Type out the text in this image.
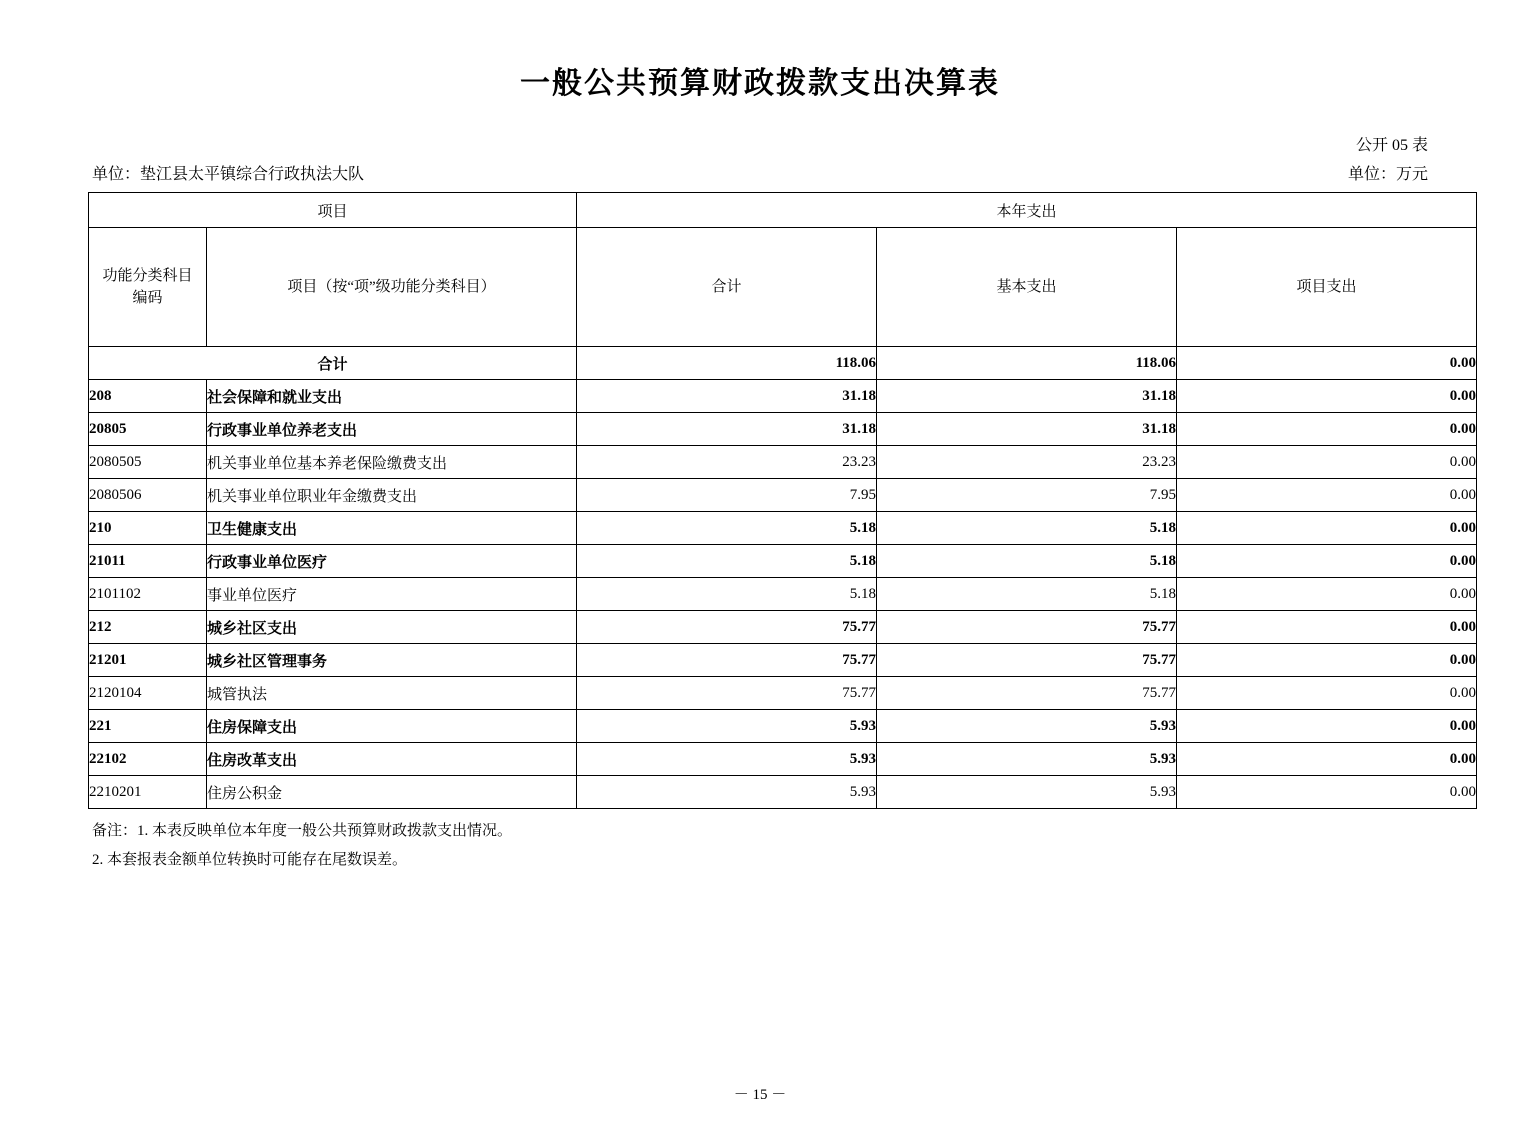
一般公共预算财政拨款支出决算表
公开 05 表
单位：垫江县太平镇综合行政执法大队	单位：万元
项目		本年支出		

功能分类科目
编码	项目（按“项”级功能分类科目）	合计	基本支出	项目支出
合计		118.06	118.06	0.00
208	社会保障和就业支出	31.18	31.18	0.00
20805	行政事业单位养老支出	31.18	31.18	0.00
2080505	机关事业单位基本养老保险缴费支出	23.23	23.23	0.00
2080506	机关事业单位职业年金缴费支出	7.95	7.95	0.00
210	卫生健康支出	5.18	5.18	0.00
21011	行政事业单位医疗	5.18	5.18	0.00
2101102	事业单位医疗	5.18	5.18	0.00
212	城乡社区支出	75.77	75.77	0.00
21201	城乡社区管理事务	75.77	75.77	0.00
2120104	城管执法	75.77	75.77	0.00
221	住房保障支出	5.93	5.93	0.00
22102	住房改革支出	5.93	5.93	0.00
2210201	住房公积金	5.93	5.93	0.00
备注：1. 本表反映单位本年度一般公共预算财政拨款支出情况。
2. 本套报表金额单位转换时可能存在尾数误差。
－ 15 －
